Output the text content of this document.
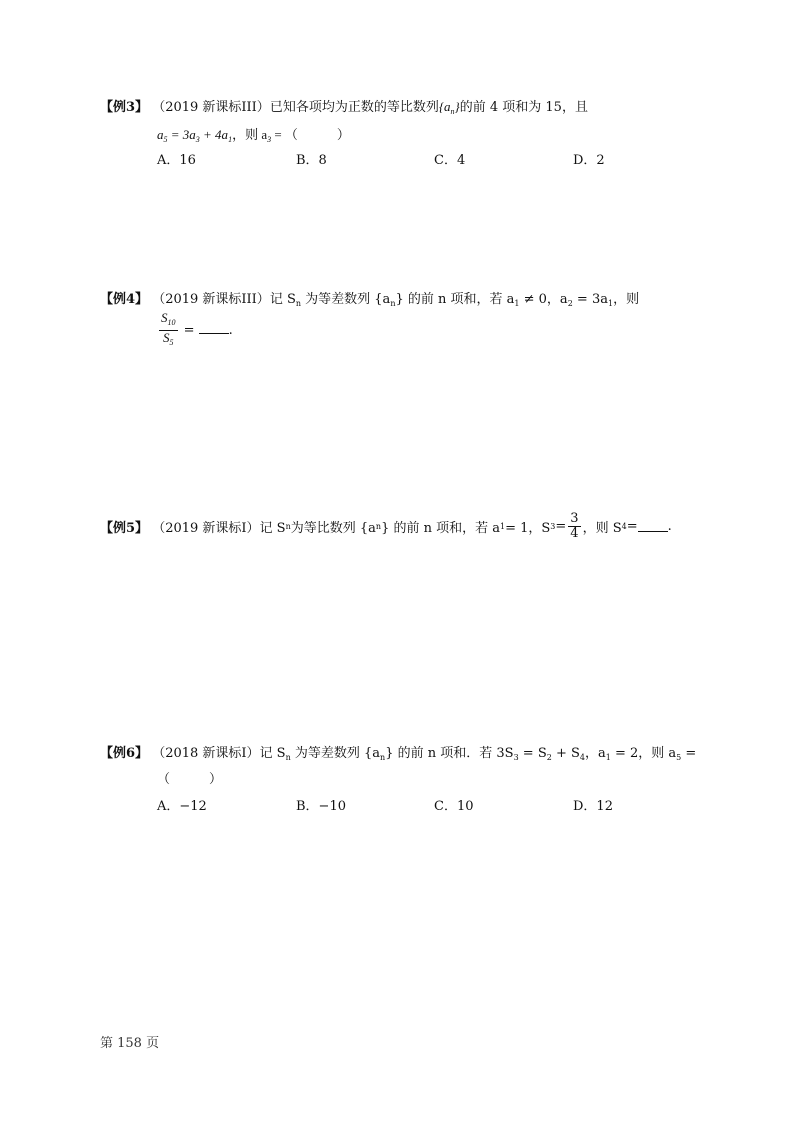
【例3】 （2019 新课标III）已知各项均为正数的等比数列$\{a_n\}$的前 4 项和为 15，且
$a_5 = 3a_3 + 4a_1$，则 $a_3$ = （　　　）
A．16	B．8	C．4	D．2
【例4】 （2019 新课标III）记 $S_n$ 为等差数列 $\{a_n\}$ 的前 n 项和，若 $a_1 \ne 0$，$a_2 = 3a_1$，则
$\frac{S_{10}}{S_5}$ = .
【例5】
（2019 新课标I） 记 S n 为等比数列 {a n } 的前 n 项和，若 a 1 = 1，S $3 = \frac{3}{4}$ ，则 S 4 = .
【例6】 （2018 新课标I）记 $S_n$ 为等差数列 $\{a_n\}$ 的前 n 项和．若 $3S_3 = S_2 + S_4$，$a_1 = 2$，则 $a_5$ =
（　　　）
A．−12	B．−10	C．10	D．12
第 158 页
